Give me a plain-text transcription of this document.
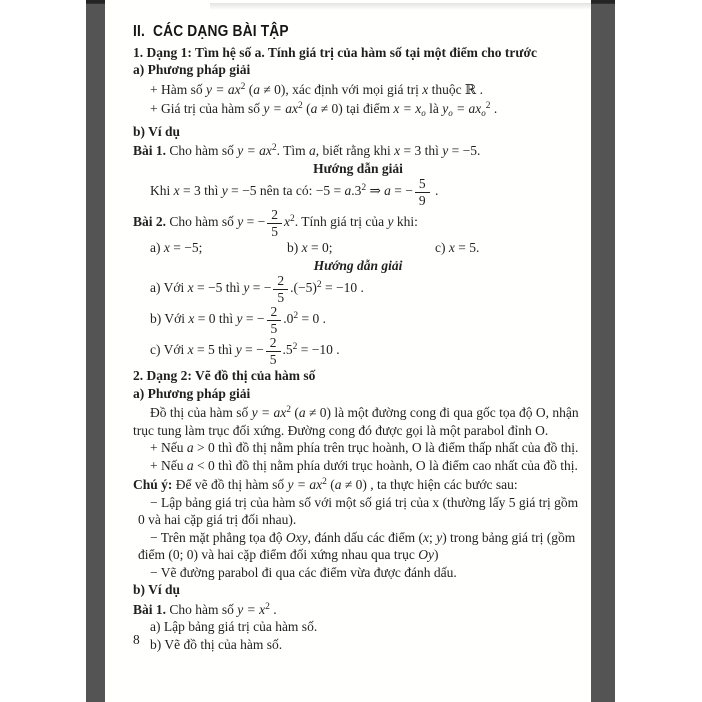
II.  CÁC DẠNG BÀI TẬP
1. Dạng 1: Tìm hệ số a. Tính giá trị của hàm số tại một điểm cho trước
a) Phương pháp giải
+ Hàm số $y = ax^2$ (a ≠ 0), xác định với mọi giá trị x thuộc ℝ .
+ Giá trị của hàm số $y = ax^2$ (a ≠ 0) tại điểm $x = x_o$ là $y_o = ax_o^2$ .
b) Ví dụ
Bài 1. Cho hàm số $y = ax^2$. Tìm a, biết rằng khi x = 3 thì y = −5.
Hướng dẫn giải
Khi x = 3 thì y = −5 nên ta có: $-5 = a.3^2$ ⇒ a = − $\frac{5}{9}$ .
Bài 2. Cho hàm số y = − $\frac{2}{5} x^2$. Tính giá trị của y khi:
a) x = −5;	b) x = 0;	c) x = 5.
Hướng dẫn giải
a) Với x = −5 thì y = − $\frac{2}{5} .(-5)^2 = -10$ .
b) Với x = 0 thì y = − $\frac{2}{5} .0^2 = 0$ .
c) Với x = 5 thì y = − $\frac{2}{5} .5^2 = -10$ .
2. Dạng 2: Vẽ đồ thị của hàm số
a) Phương pháp giải
Đồ thị của hàm số $y = ax^2$ (a ≠ 0) là một đường cong đi qua gốc tọa độ O, nhận
trục tung làm trục đối xứng. Đường cong đó được gọi là một parabol đỉnh O.
+ Nếu a > 0 thì đồ thị nằm phía trên trục hoành, O là điểm thấp nhất của đồ thị.
+ Nếu a < 0 thì đồ thị nằm phía dưới trục hoành, O là điểm cao nhất của đồ thị.
Chú ý: Để vẽ đồ thị hàm số $y = ax^2$ (a ≠ 0) , ta thực hiện các bước sau:
− Lập bảng giá trị của hàm số với một số giá trị của x (thường lấy 5 giá trị gồm
0 và hai cặp giá trị đối nhau).
− Trên mặt phẳng tọa độ Oxy, đánh dấu các điểm (x; y) trong bảng giá trị (gồm
điểm (0; 0) và hai cặp điểm đối xứng nhau qua trục Oy)
− Vẽ đường parabol đi qua các điểm vừa được đánh dấu.
b) Ví dụ
Bài 1. Cho hàm số $y = x^2$ .
a) Lập bảng giá trị của hàm số.
b) Vẽ đồ thị của hàm số.
8
